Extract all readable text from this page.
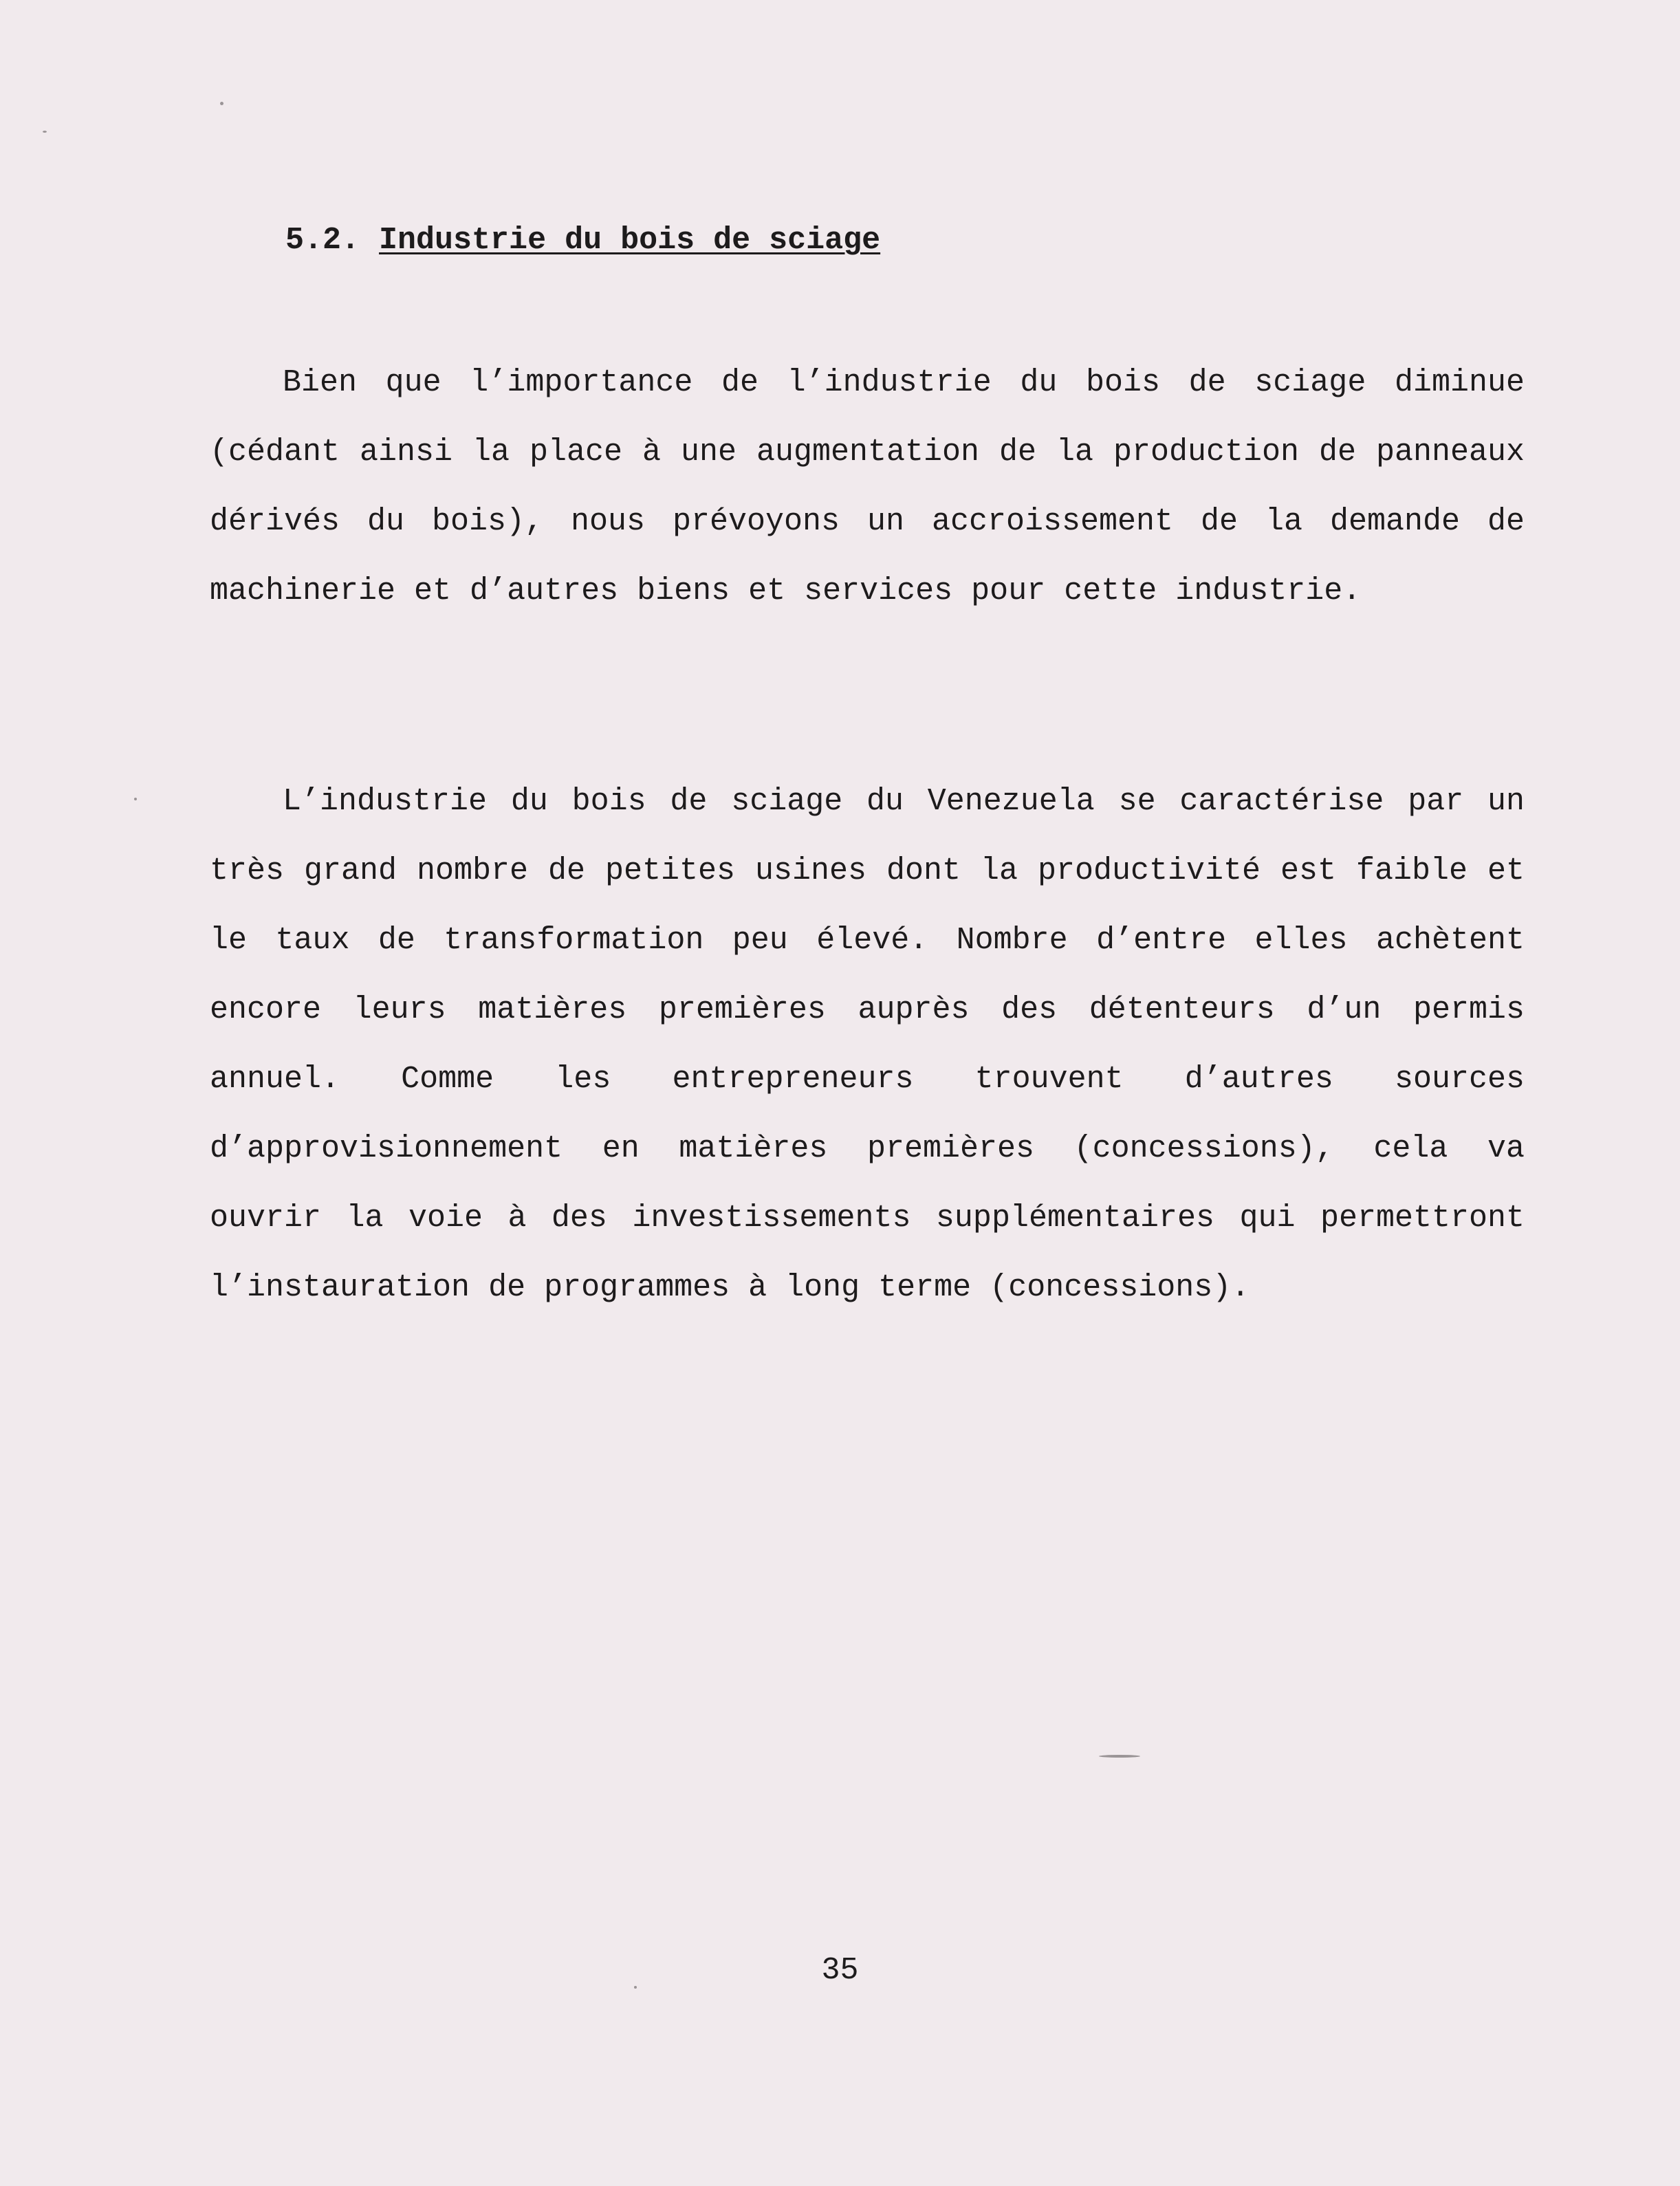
5.2. Industrie du bois de sciage

Bien que l’importance de l’industrie du bois de sciage diminue (cédant ainsi la place à une augmentation de la production de panneaux dérivés du bois), nous prévoyons un accroissement de la demande de machinerie et d’autres biens et services pour cette industrie.

L’industrie du bois de sciage du Venezuela se caractérise par un très grand nombre de petites usines dont la productivité est faible et le taux de transformation peu élevé. Nombre d’entre elles achètent encore leurs matières premières auprès des détenteurs d’un permis annuel. Comme les entrepreneurs trouvent d’autres sources d’approvisionnement en matières premières (concessions), cela va ouvrir la voie à des investissements supplémentaires qui permettront l’instauration de programmes à long terme (concessions).

35
